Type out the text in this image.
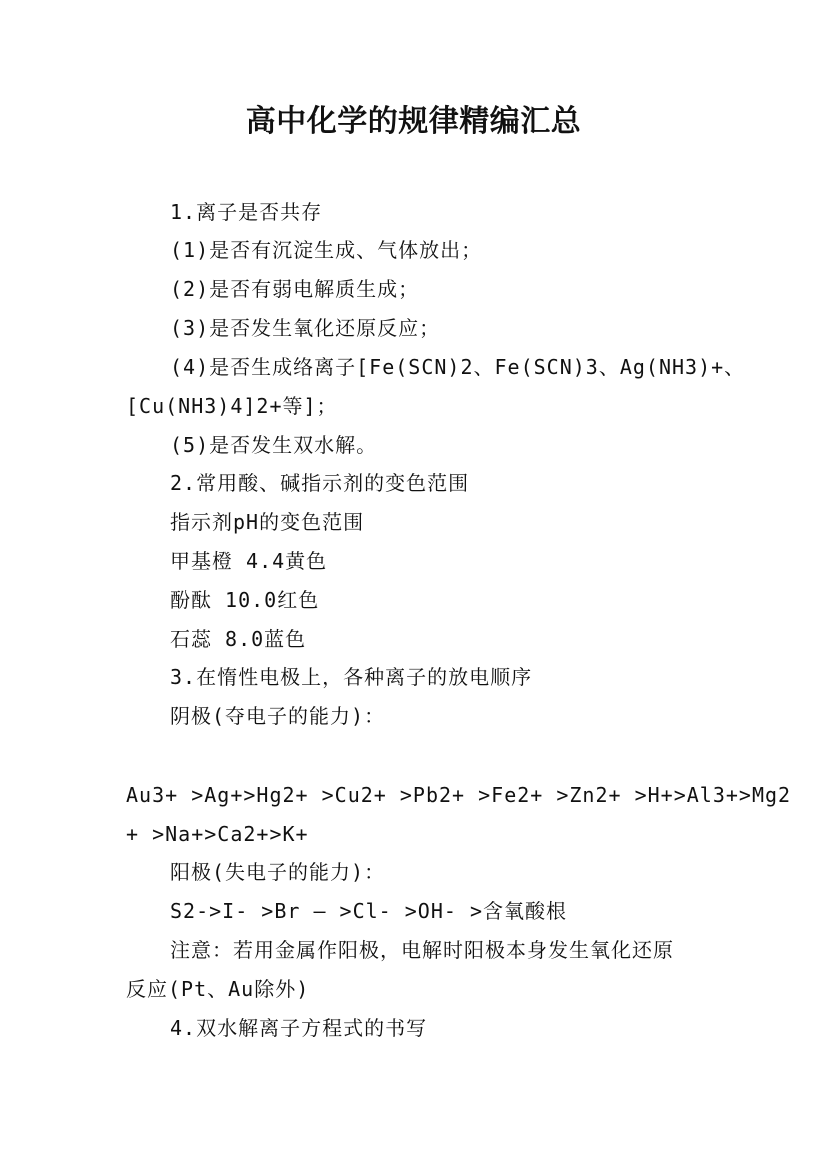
高中化学的规律精编汇总
1.离子是否共存
(1)是否有沉淀生成、气体放出；
(2)是否有弱电解质生成；
(3)是否发生氧化还原反应；
(4)是否生成络离子[Fe(SCN)2、Fe(SCN)3、Ag(NH3)+、
[Cu(NH3)4]2+等]；
(5)是否发生双水解。
2.常用酸、碱指示剂的变色范围
指示剂pH的变色范围
甲基橙 4.4黄色
酚酞 10.0红色
石蕊 8.0蓝色
3.在惰性电极上，各种离子的放电顺序
阴极(夺电子的能力)：
Au3+ >Ag+>Hg2+ >Cu2+ >Pb2+ >Fe2+ >Zn2+ >H+>Al3+>Mg2
+ >Na+>Ca2+>K+
阳极(失电子的能力)：
S2->I- >Br – >Cl- >OH- >含氧酸根
注意：若用金属作阳极，电解时阳极本身发生氧化还原
反应(Pt、Au除外)
4.双水解离子方程式的书写
